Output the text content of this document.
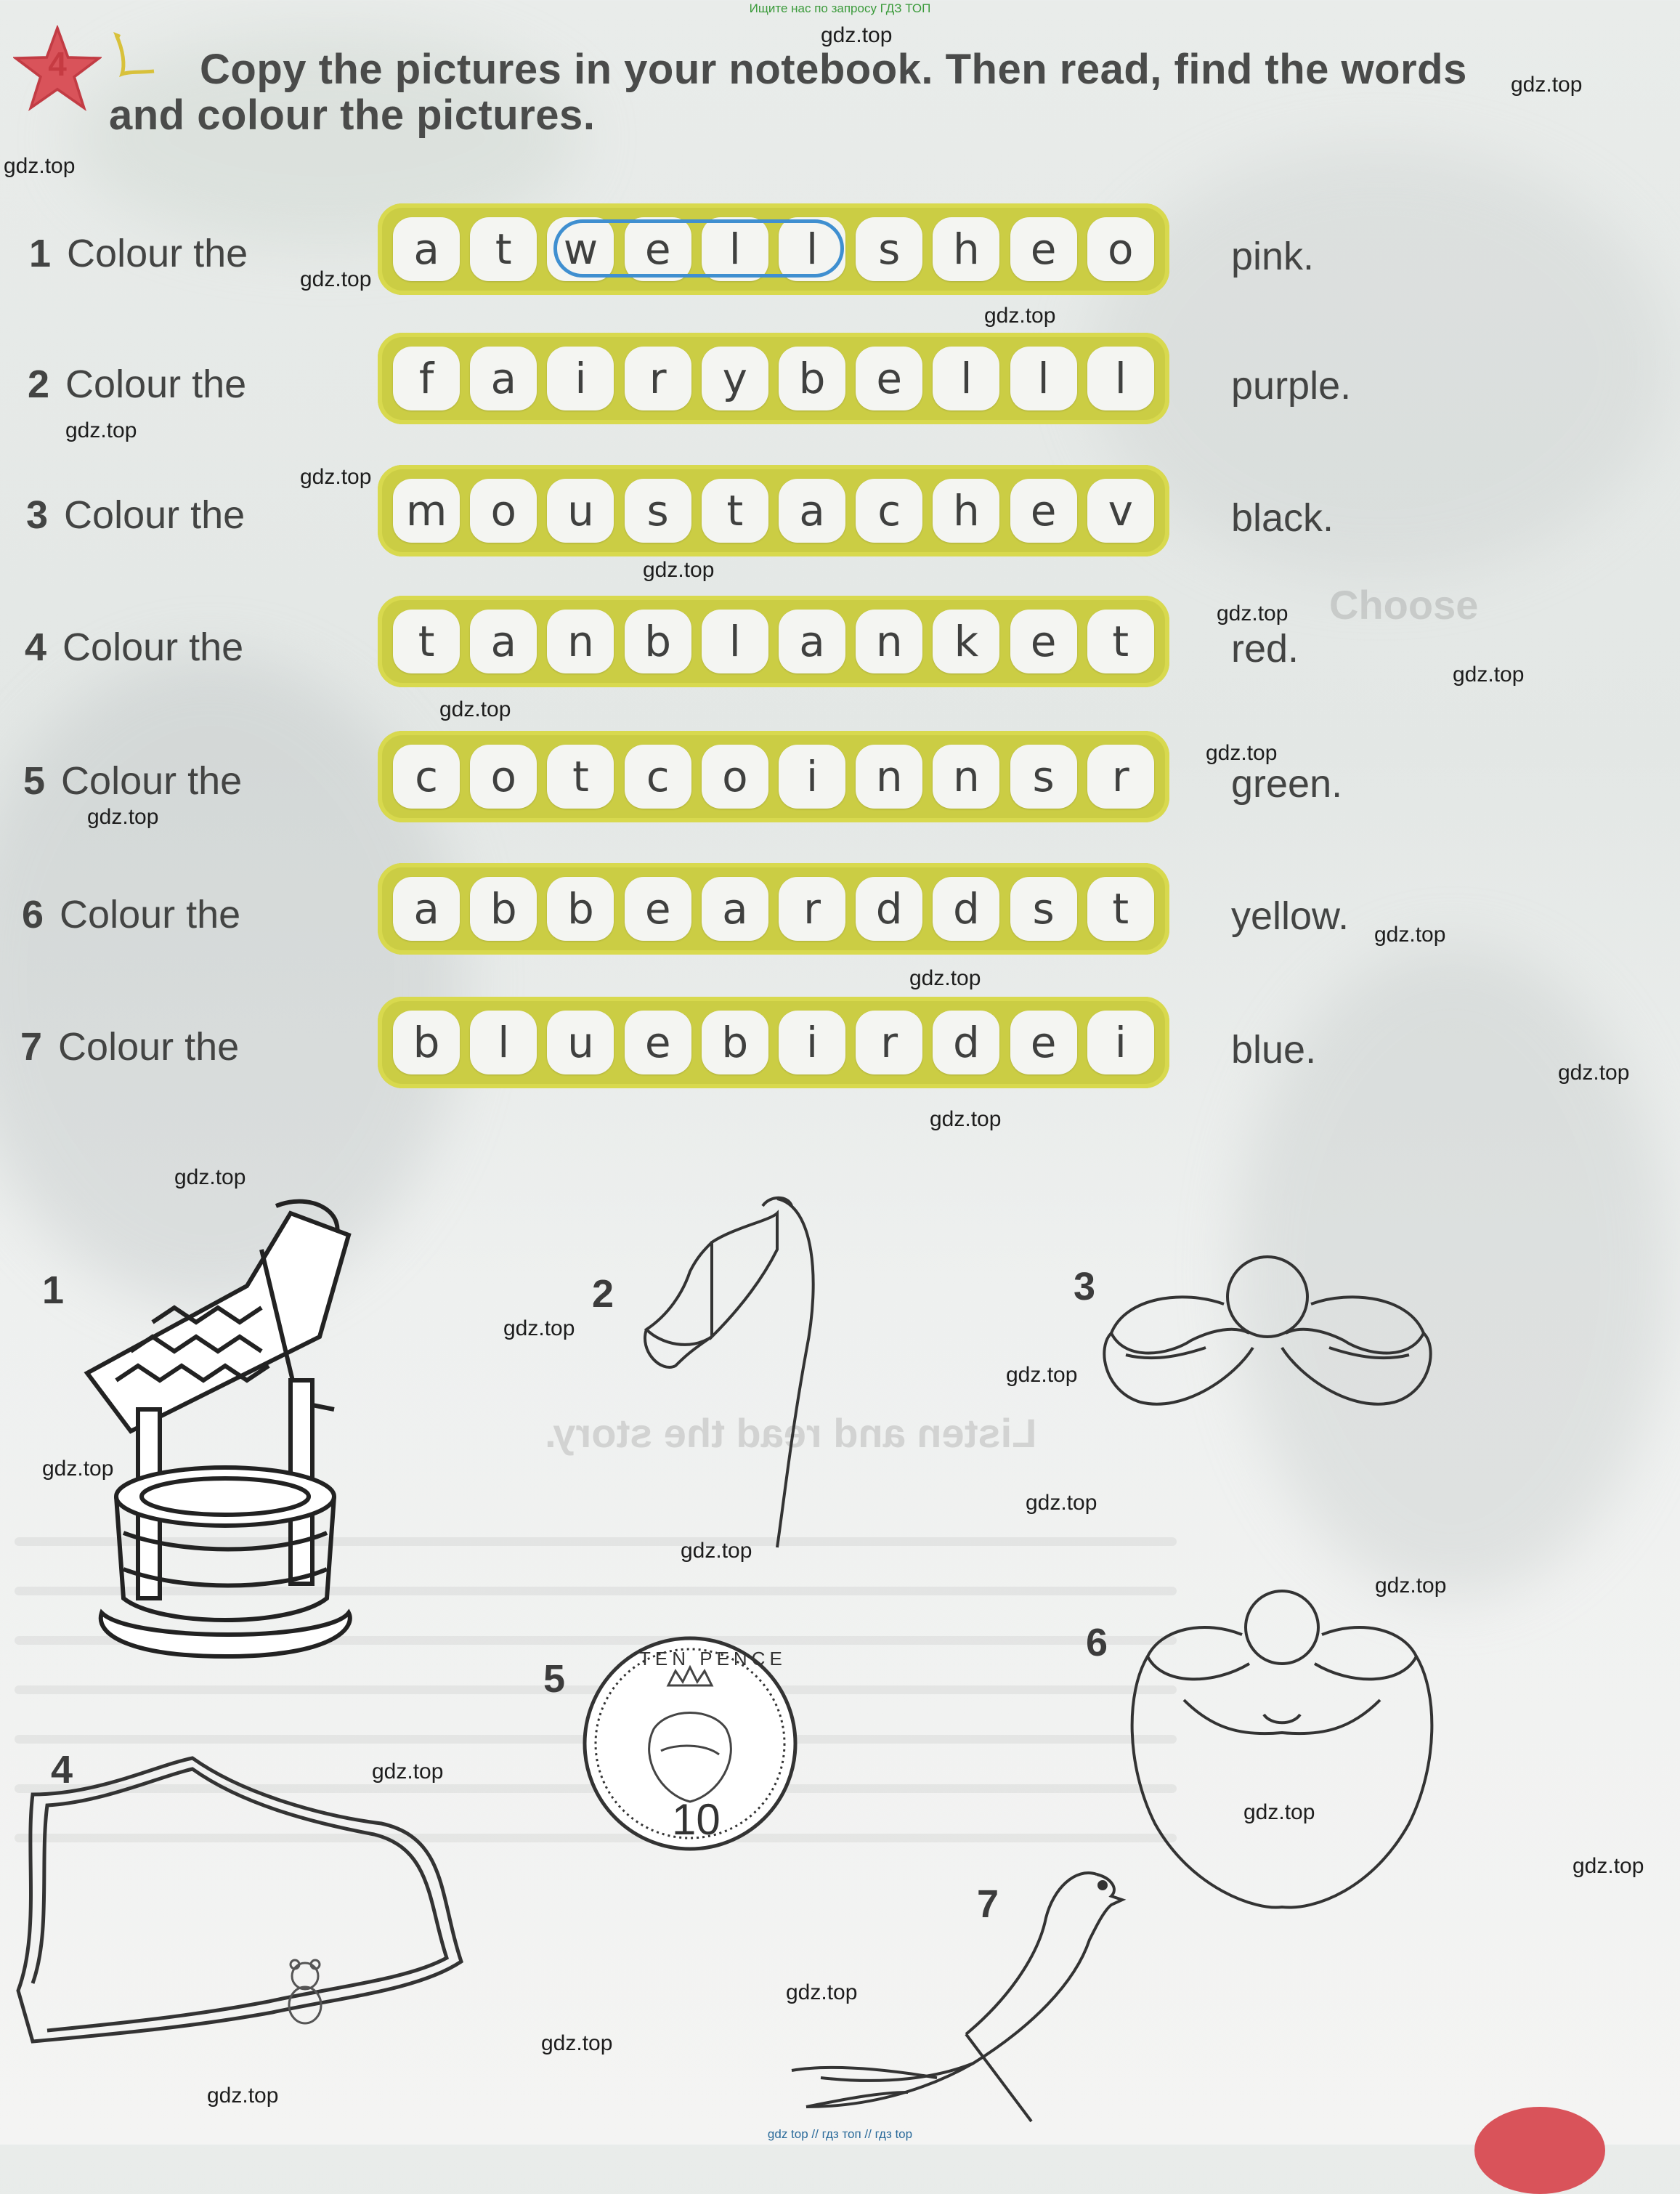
Ищите нас по запросу ГДЗ ТОП
4	Copy the pictures in your notebook. Then read, find the words
and colour the pictures.
1 Colour the	a	t	w	e	l	l	s	h	e	o	pink.
2 Colour the	f	a	i	r	y	b	e	l	l	l	purple.
3 Colour the	m	o	u	s	t	a	c	h	e	v	black.
4 Colour the	t	a	n	b	l	a	n	k	e	t	red.
5 Colour the	c	o	t	c	o	i	n	n	s	r	green.
6 Colour the	a	b	b	e	a	r	d	d	s	t	yellow.
7 Colour the	b	l	u	e	b	i	r	d	e	i	blue.
Listen and read the story.
Choose
1	2	3
4
5
6
7
TEN PENCE
10
gdz.top
gdz.top
gdz.top
gdz.top
gdz.top
gdz.top
gdz.top
gdz.top
gdz.top
gdz.top
gdz.top
gdz.top
gdz.top
gdz.top
gdz.top
gdz.top
gdz.top
gdz.top
gdz.top
gdz.top
gdz.top
gdz.top
gdz.top
gdz.top
gdz.top
gdz.top
gdz.top
gdz.top
gdz.top
gdz.top
gdz top // гдз топ // гдз top
